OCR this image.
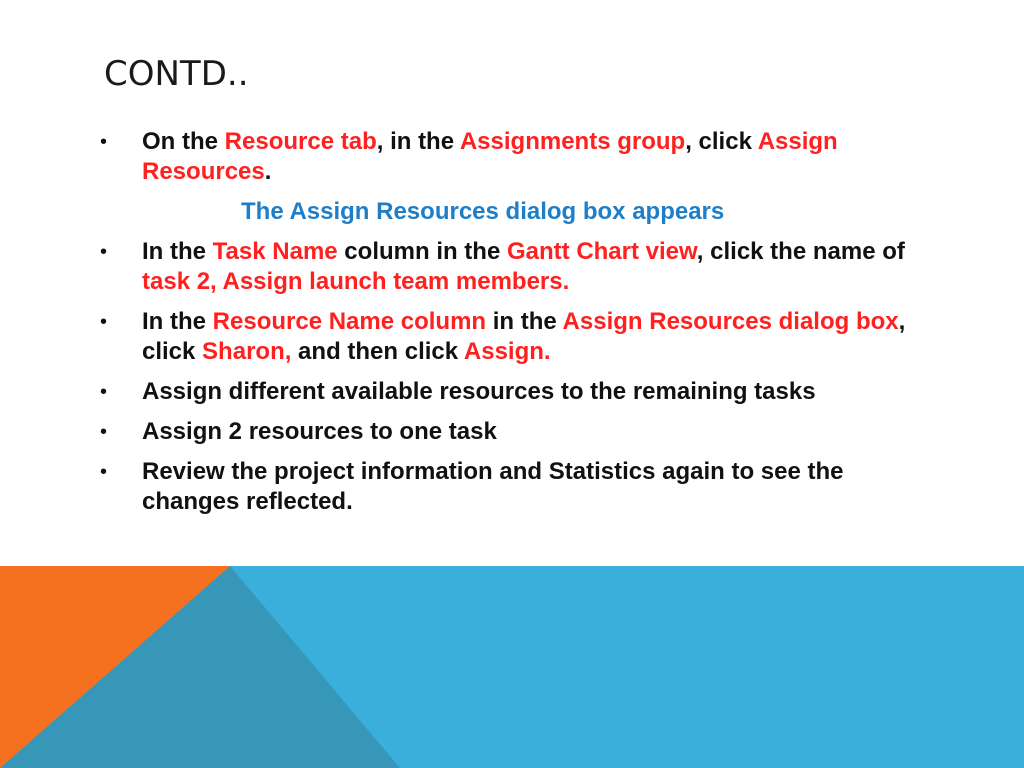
CONTD..
• On the Resource tab, in the Assignments group, click Assign Resources.
The Assign Resources dialog box appears
• In the Task Name column in the Gantt Chart view, click the name of task 2, Assign launch team members.
• In the Resource Name column in the Assign Resources dialog box, click Sharon, and then click Assign.
• Assign different available resources to the remaining tasks
• Assign 2 resources to one task
• Review the project information and Statistics again to see the changes reflected.
